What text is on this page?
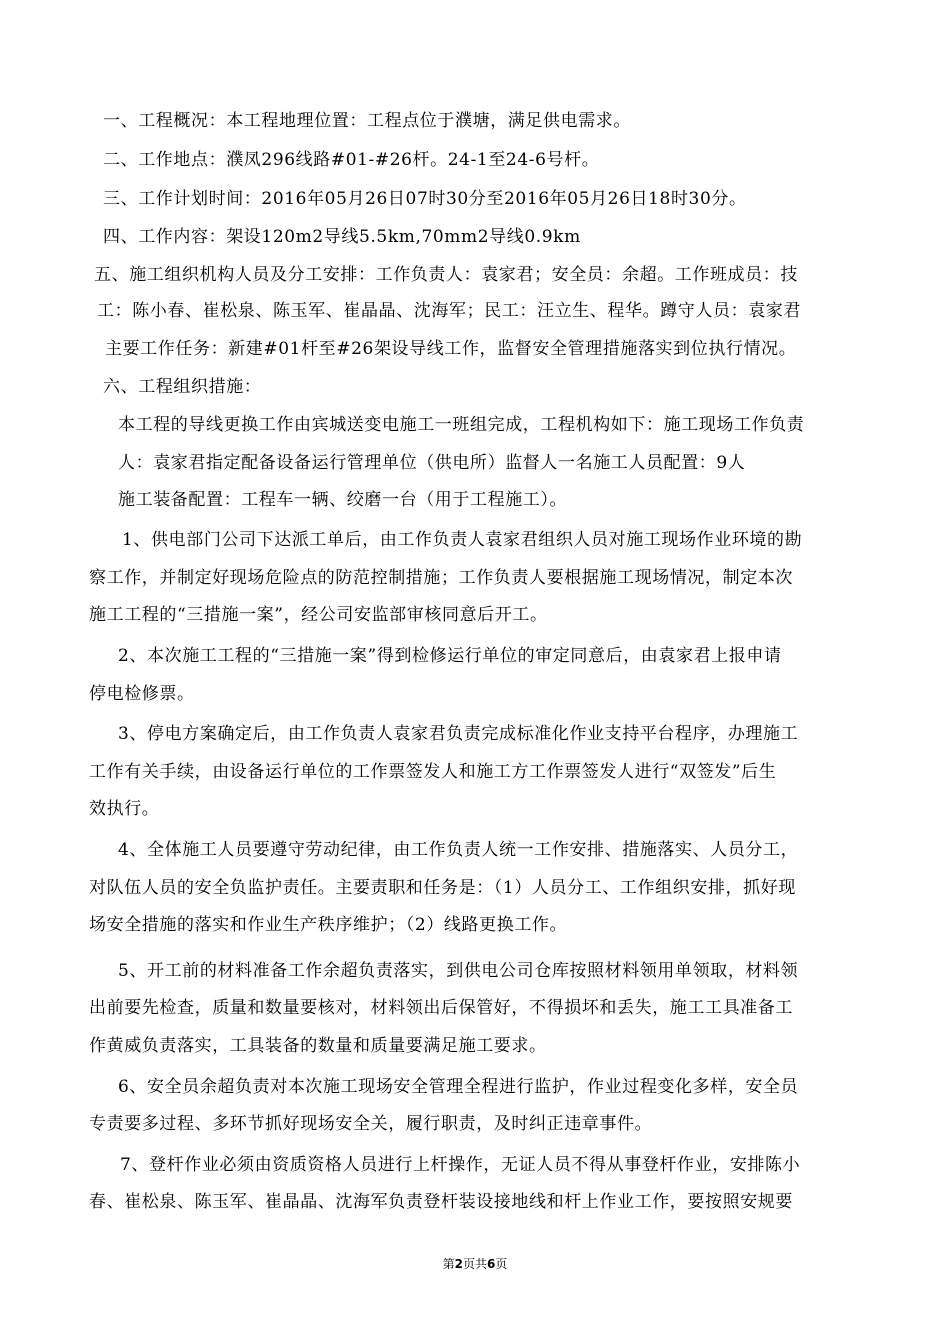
一、工程概况：本工程地理位置：工程点位于濮塘，满足供电需求。
二、工作地点：濮凤296线路#01-#26杆。24-1至24-6号杆。
三、工作计划时间：2016年05月26日07时30分至2016年05月26日18时30分。
四、工作内容：架设120m2导线5.5km,70mm2导线0.9km
五、施工组织机构人员及分工安排：工作负责人：袁家君；安全员：余超。工作班成员：技
工：陈小春、崔松泉、陈玉军、崔晶晶、沈海军；民工：汪立生、程华。蹲守人员：袁家君
主要工作任务：新建#01杆至#26架设导线工作，监督安全管理措施落实到位执行情况。
六、工程组织措施：
本工程的导线更换工作由宾城送变电施工一班组完成，工程机构如下：施工现场工作负责
人：袁家君指定配备设备运行管理单位（供电所）监督人一名施工人员配置：9人
施工装备配置：工程车一辆、绞磨一台（用于工程施工）。
1、供电部门公司下达派工单后，由工作负责人袁家君组织人员对施工现场作业环境的勘
察工作，并制定好现场危险点的防范控制措施；工作负责人要根据施工现场情况，制定本次
施工工程的“三措施一案”，经公司安监部审核同意后开工。
2、本次施工工程的“三措施一案”得到检修运行单位的审定同意后，由袁家君上报申请
停电检修票。
3、停电方案确定后，由工作负责人袁家君负责完成标准化作业支持平台程序，办理施工
工作有关手续，由设备运行单位的工作票签发人和施工方工作票签发人进行“双签发”后生
效执行。
4、全体施工人员要遵守劳动纪律，由工作负责人统一工作安排、措施落实、人员分工，
对队伍人员的安全负监护责任。主要责职和任务是：（1）人员分工、工作组织安排，抓好现
场安全措施的落实和作业生产秩序维护；（2）线路更换工作。
5、开工前的材料准备工作余超负责落实，到供电公司仓库按照材料领用单领取，材料领
出前要先检查，质量和数量要核对，材料领出后保管好，不得损坏和丢失，施工工具准备工
作黄威负责落实，工具装备的数量和质量要满足施工要求。
6、安全员余超负责对本次施工现场安全管理全程进行监护，作业过程变化多样，安全员
专责要多过程、多环节抓好现场安全关，履行职责，及时纠正违章事件。
7、登杆作业必须由资质资格人员进行上杆操作，无证人员不得从事登杆作业，安排陈小
春、崔松泉、陈玉军、崔晶晶、沈海军负责登杆装设接地线和杆上作业工作，要按照安规要
第2页共6页
